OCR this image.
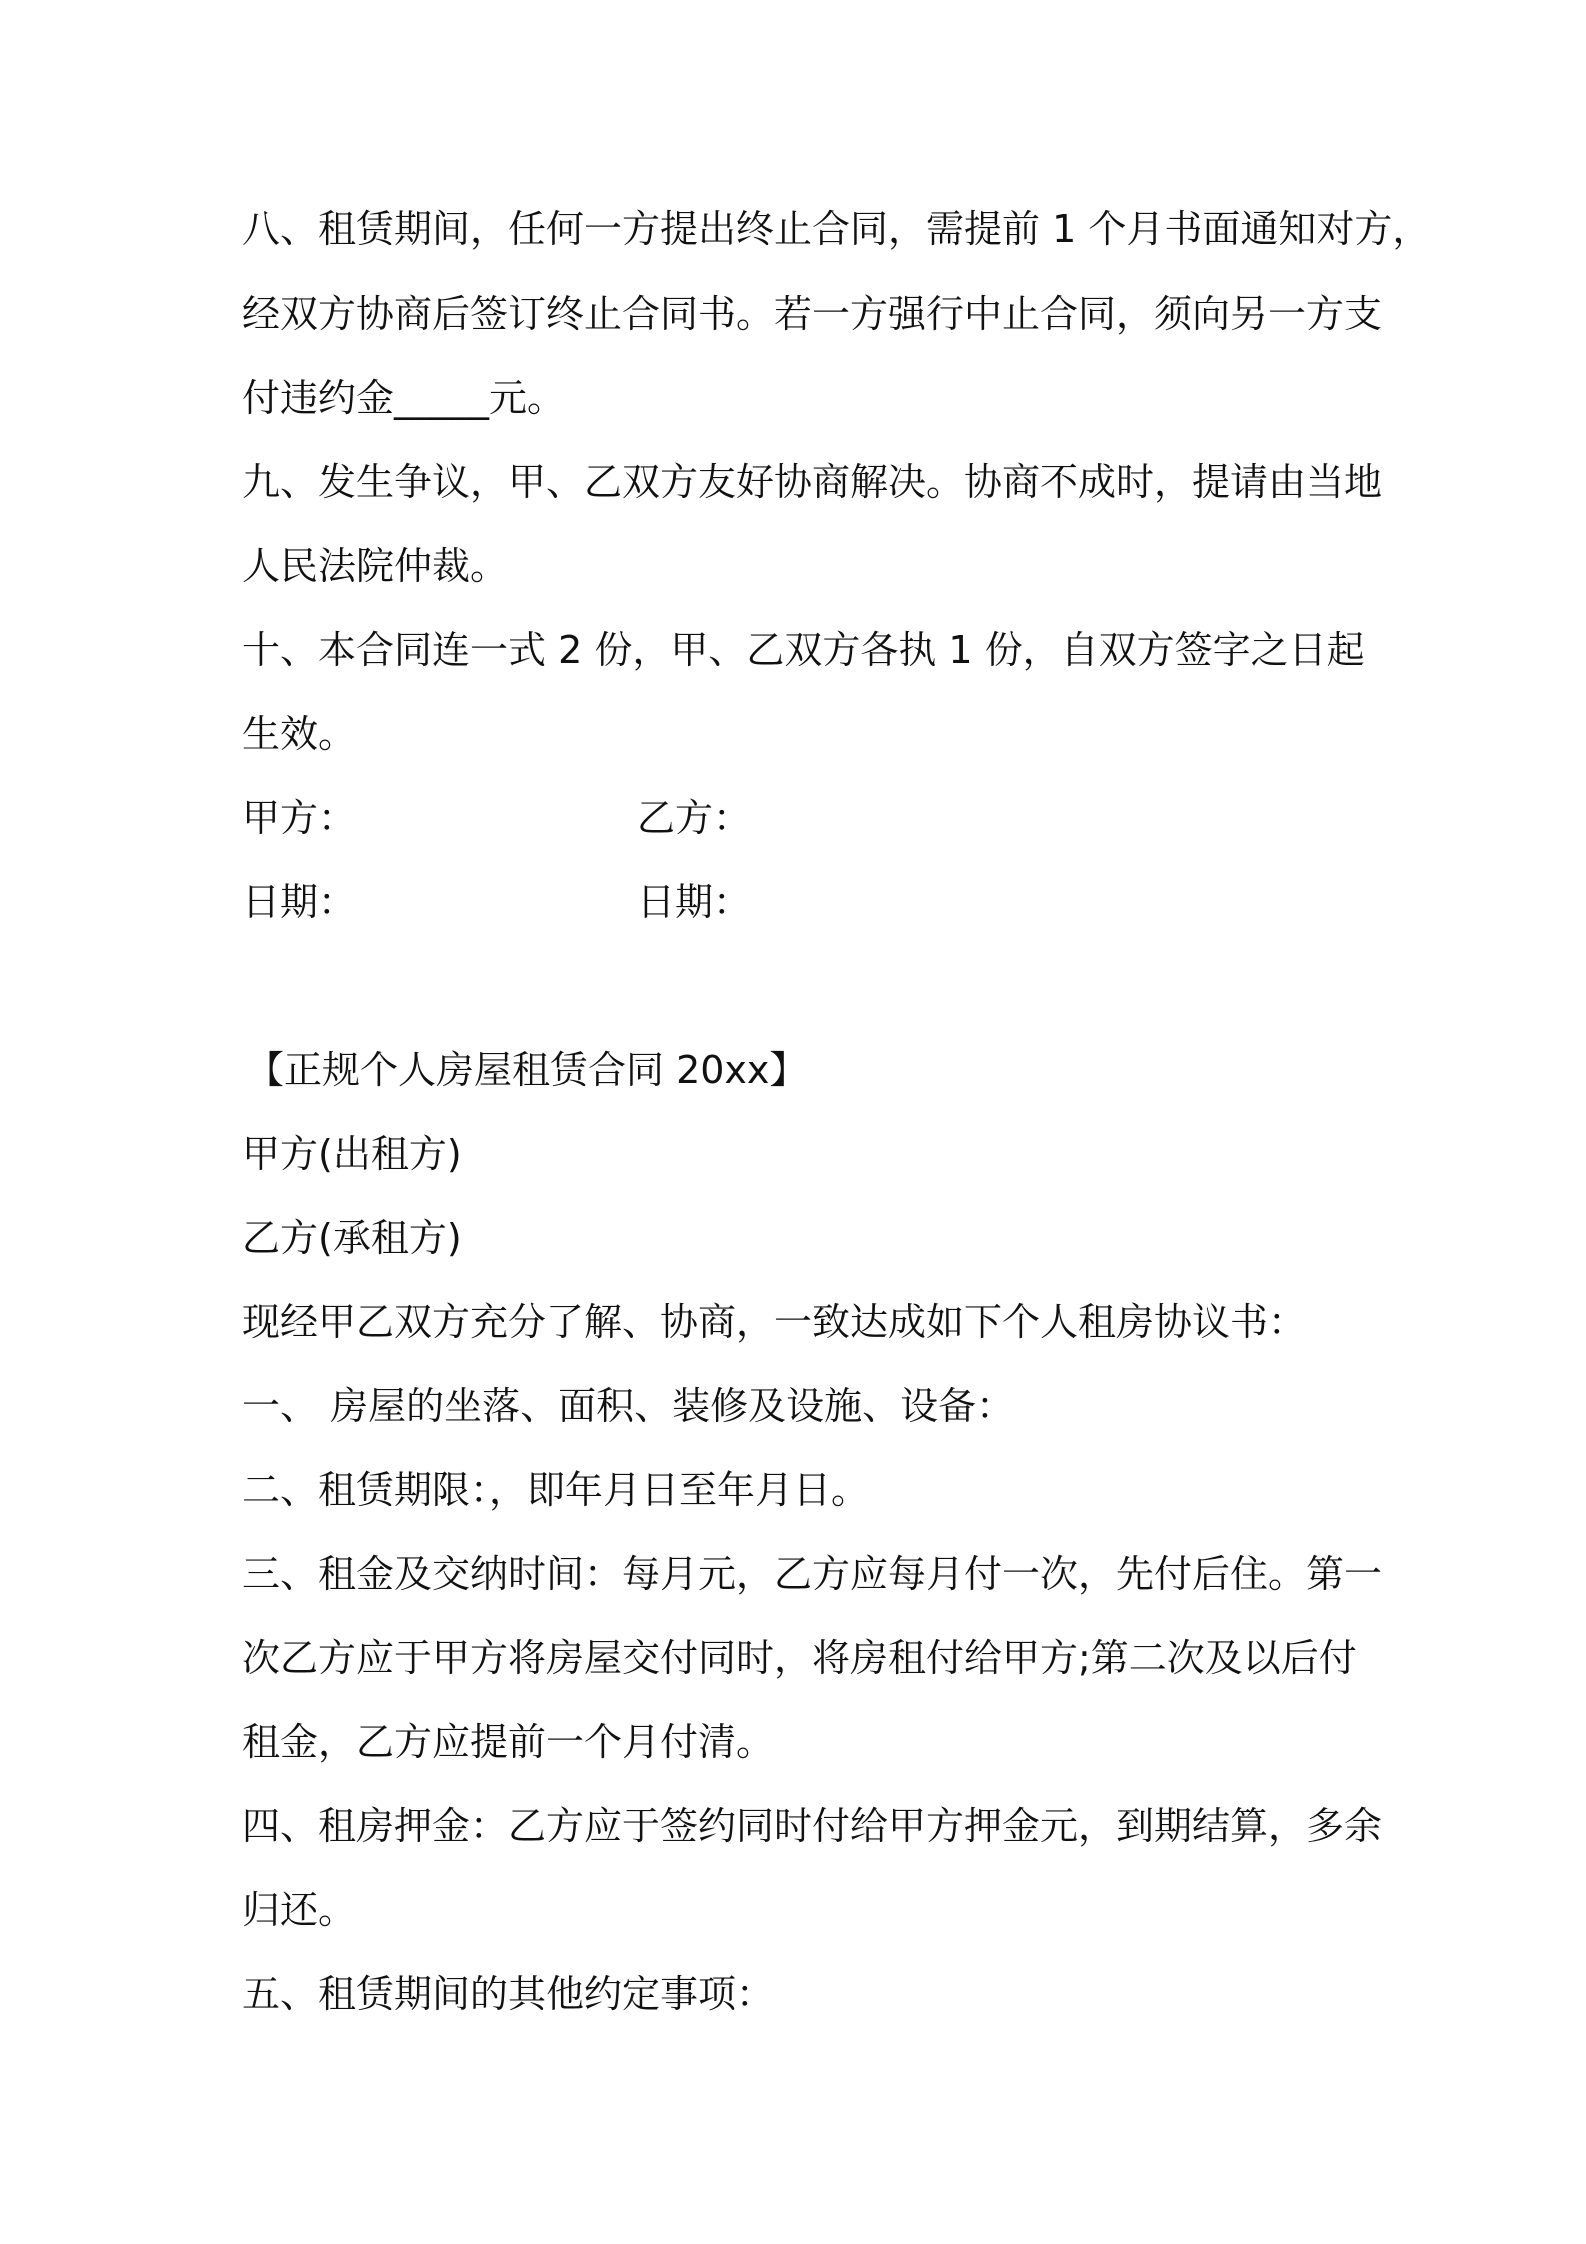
八、租赁期间，任何一方提出终止合同，需提前 1 个月书面通知对方，
经双方协商后签订终止合同书。若一方强行中止合同，须向另一方支
付违约金_____元。
九、发生争议，甲、乙双方友好协商解决。协商不成时，提请由当地
人民法院仲裁。
十、本合同连一式 2 份，甲、乙双方各执 1 份，自双方签字之日起
生效。
甲方：	乙方：
日期：	日期：
【正规个人房屋租赁合同 20xx】
甲方(出租方)
乙方(承租方)
现经甲乙双方充分了解、协商，一致达成如下个人租房协议书：
一、 房屋的坐落、面积、装修及设施、设备：
二、租赁期限：，即年月日至年月日。
三、租金及交纳时间：每月元，乙方应每月付一次，先付后住。第一
次乙方应于甲方将房屋交付同时，将房租付给甲方;第二次及以后付
租金，乙方应提前一个月付清。
四、租房押金：乙方应于签约同时付给甲方押金元，到期结算，多余
归还。
五、租赁期间的其他约定事项：
